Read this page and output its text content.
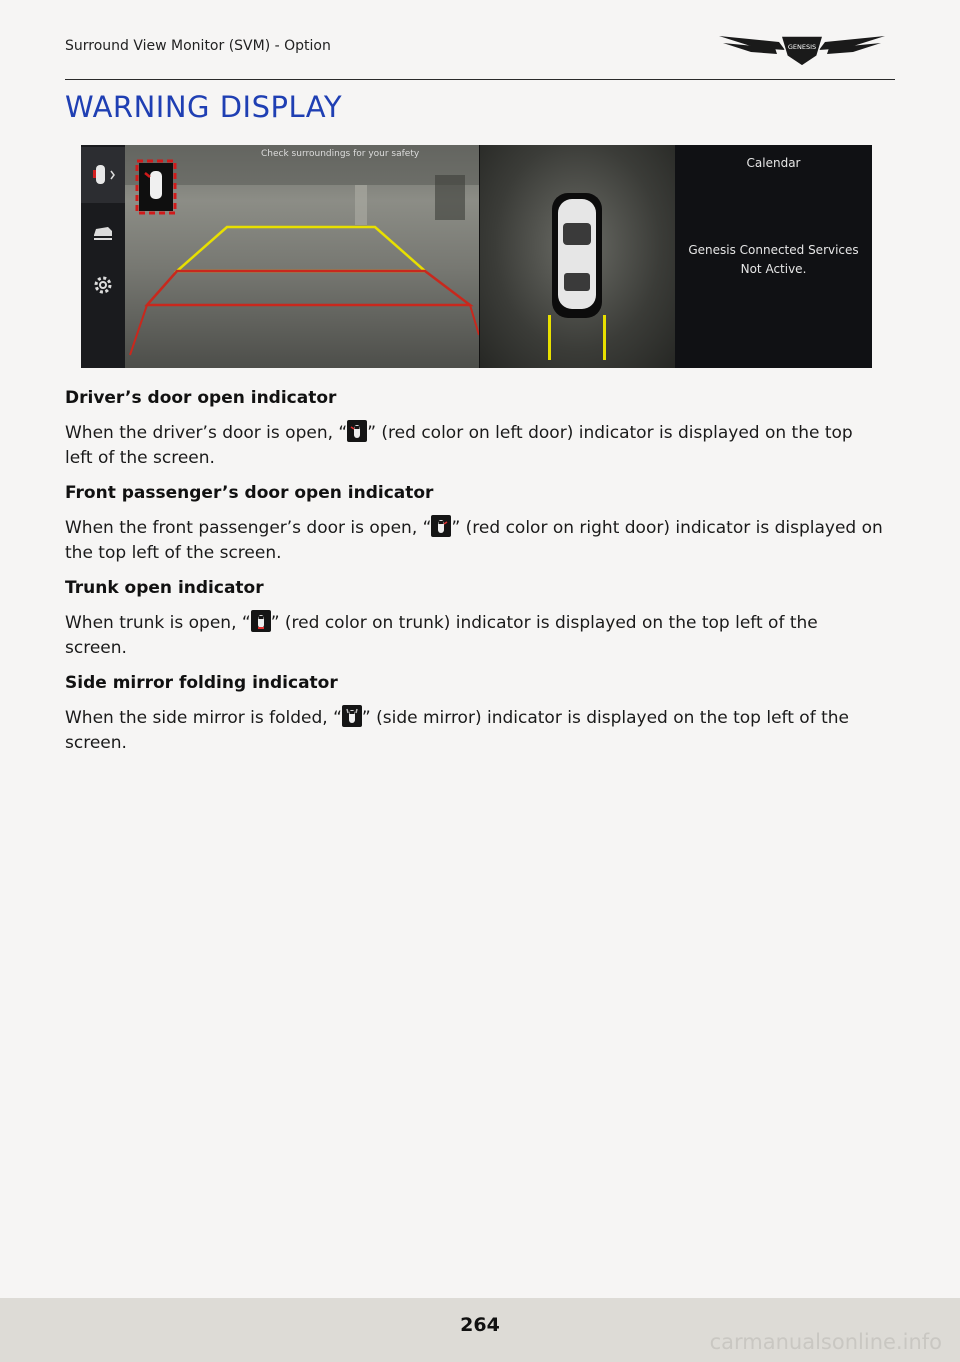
Surround View Monitor (SVM) - Option	GENESIS
WARNING DISPLAY
Check surroundings for your safety
Calendar
Genesis Connected Services
Not Active.
Driver’s door open indicator

When the driver’s door is open, “ ” (red color on left door) indicator is displayed on the top left of the screen.

Front passenger’s door open indicator

When the front passenger’s door is open, “ ” (red color on right door) indicator is displayed on the top left of the screen.

Trunk open indicator

When trunk is open, “ ” (red color on trunk) indicator is displayed on the top left of the screen.

Side mirror folding indicator

When the side mirror is folded, “ ” (side mirror) indicator is displayed on the top left of the screen.

264
carmanualsonline.info
